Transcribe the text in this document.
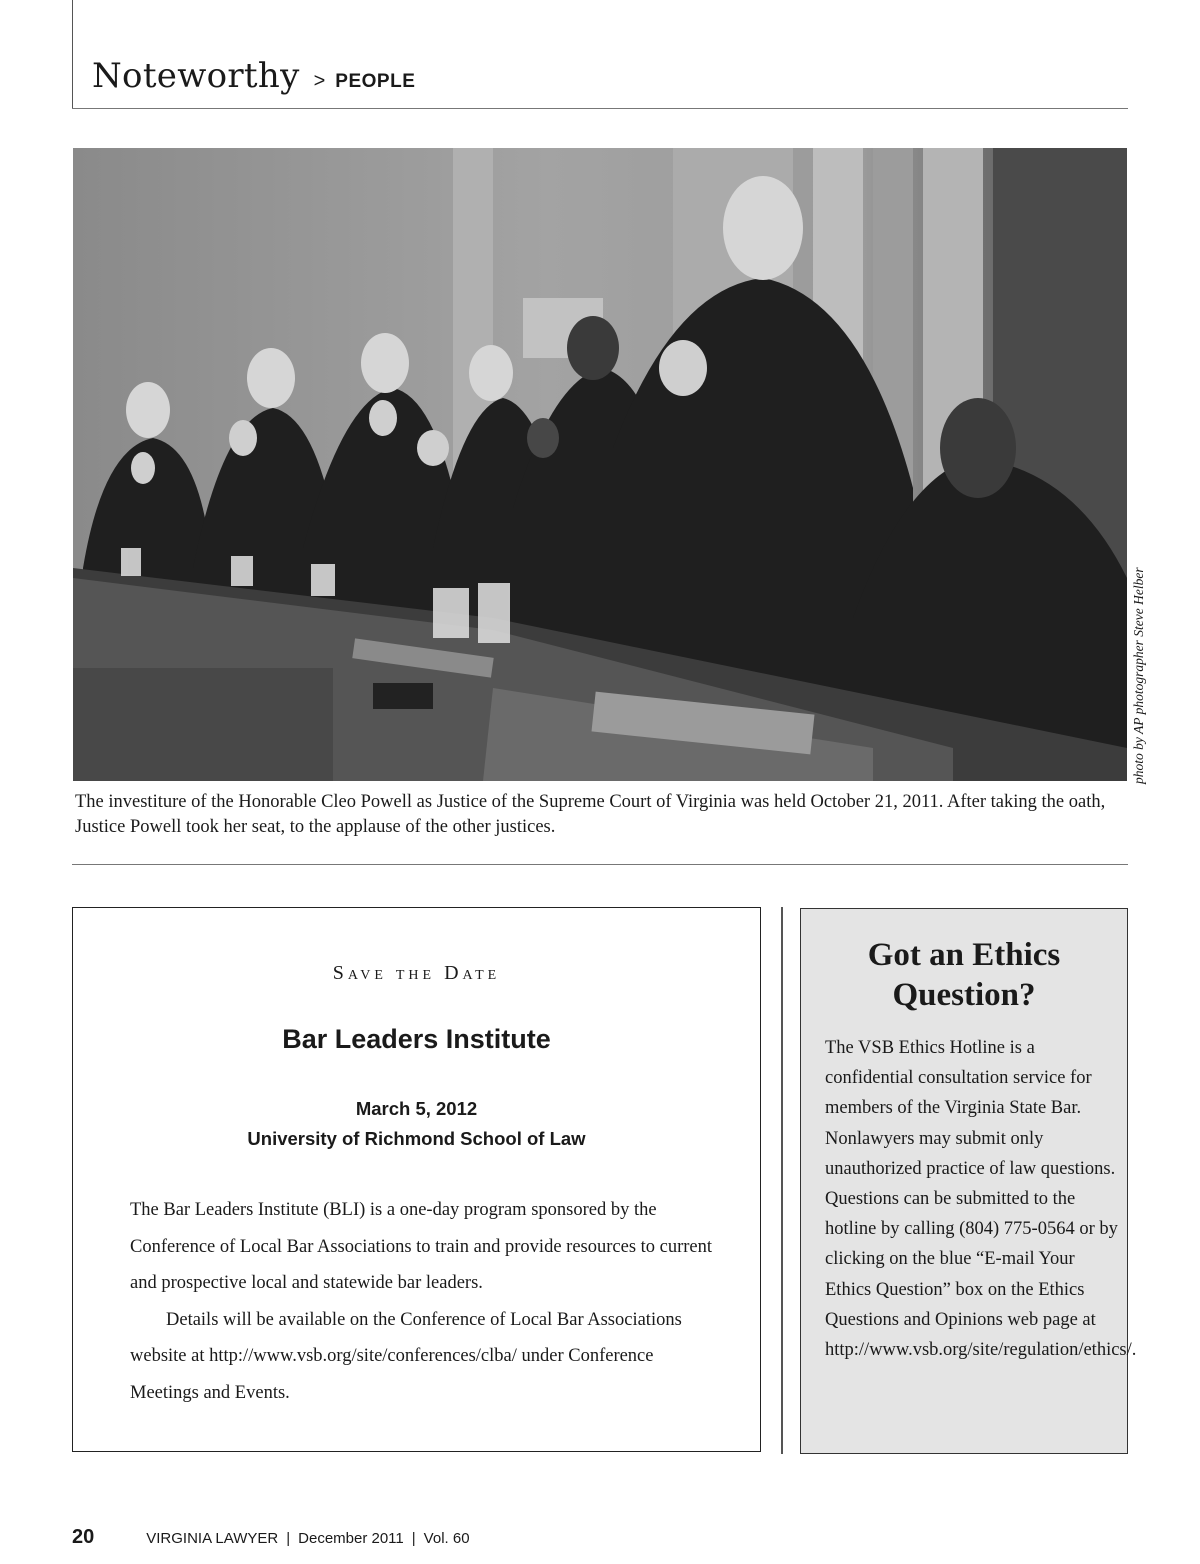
Noteworthy > PEOPLE
photo by AP photographer Steve Helber
The investiture of the Honorable Cleo Powell as Justice of the Supreme Court of Virginia was held October 21, 2011. After taking the oath, Justice Powell took her seat, to the applause of the other justices.
Save the Date
Bar Leaders Institute
March 5, 2012
University of Richmond School of Law

The Bar Leaders Institute (BLI) is a one-day program sponsored by the Conference of Local Bar Associations to train and provide resources to current and prospective local and statewide bar leaders.

Details will be available on the Conference of Local Bar Associations website at http://www.vsb.org/site/conferences/clba/ under Conference Meetings and Events.

Got an Ethics Question?
The VSB Ethics Hotline is a confidential consultation service for members of the Virginia State Bar. Nonlawyers may submit only unauthorized practice of law questions. Questions can be submitted to the hotline by calling (804) 775-0564 or by clicking on the blue “E-mail Your Ethics Question” box on the Ethics Questions and Opinions web page at http://www.vsb.org/site/regulation/ethics/.
20	VIRGINIA LAWYER | December 2011 | Vol. 60
